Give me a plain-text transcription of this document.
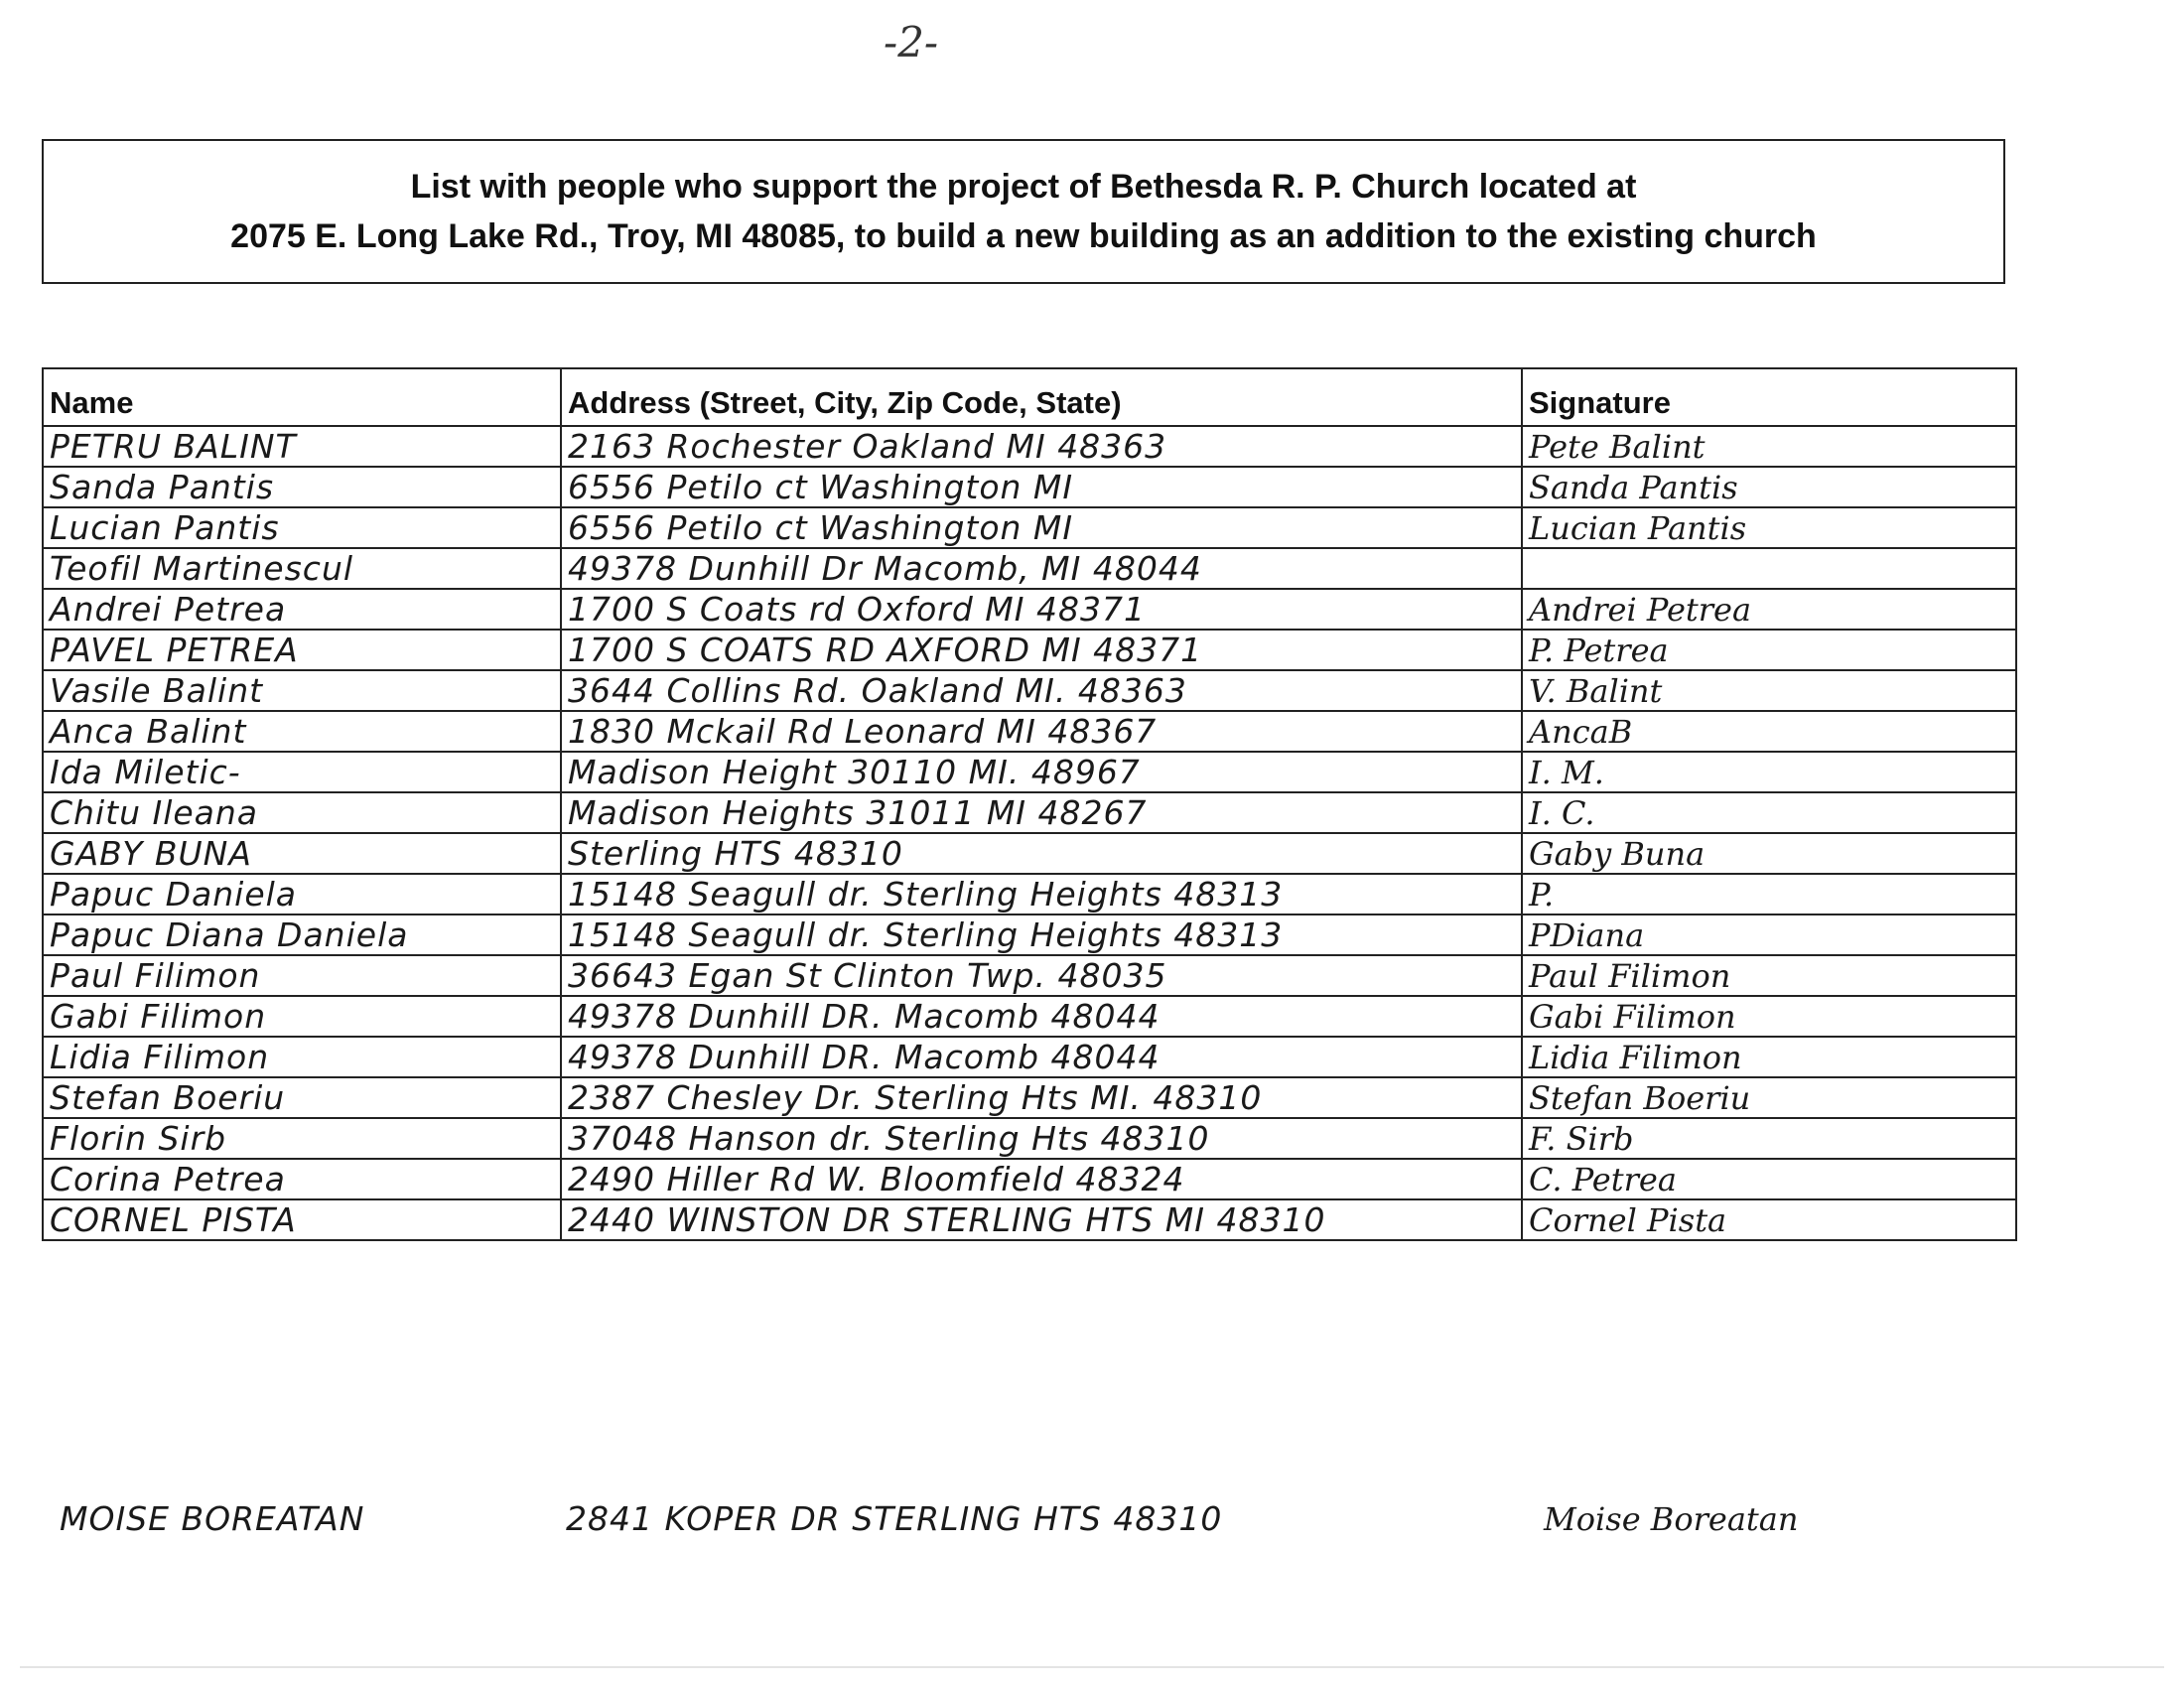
-2-
List with people who support the project of Bethesda R. P. Church located at
2075 E. Long Lake Rd., Troy, MI 48085, to build a new building as an addition to the existing church
Name	Address (Street, City, Zip Code, State)	Signature
PETRU BALINT	2163 Rochester Oakland MI 48363	Pete Balint
Sanda Pantis	6556 Petilo ct Washington MI	Sanda Pantis
Lucian Pantis	6556 Petilo ct Washington MI	Lucian Pantis
Teofil Martinescul	49378 Dunhill Dr Macomb, MI 48044	
Andrei Petrea	1700 S Coats rd Oxford MI 48371	Andrei Petrea
PAVEL PETREA	1700 S COATS RD AXFORD MI 48371	P. Petrea
Vasile Balint	3644 Collins Rd. Oakland MI. 48363	V. Balint
Anca Balint	1830 Mckail Rd Leonard MI 48367	AncaB
Ida Miletic-	Madison Height 30110 MI. 48967	I. M.
Chitu Ileana	Madison Heights 31011 MI 48267	I. C.
GABY BUNA	Sterling HTS 48310	Gaby Buna
Papuc Daniela	15148 Seagull dr. Sterling Heights 48313	P.
Papuc Diana Daniela	15148 Seagull dr. Sterling Heights 48313	PDiana
Paul Filimon	36643 Egan St Clinton Twp. 48035	Paul Filimon
Gabi Filimon	49378 Dunhill DR. Macomb 48044	Gabi Filimon
Lidia Filimon	49378 Dunhill DR. Macomb 48044	Lidia Filimon
Stefan Boeriu	2387 Chesley Dr. Sterling Hts MI. 48310	Stefan Boeriu
Florin Sirb	37048 Hanson dr. Sterling Hts 48310	F. Sirb
Corina Petrea	2490 Hiller Rd W. Bloomfield 48324	C. Petrea
CORNEL PISTA	2440 WINSTON DR STERLING HTS MI 48310	Cornel Pista
MOISE BOREATAN	2841 KOPER DR STERLING HTS 48310	Moise Boreatan
